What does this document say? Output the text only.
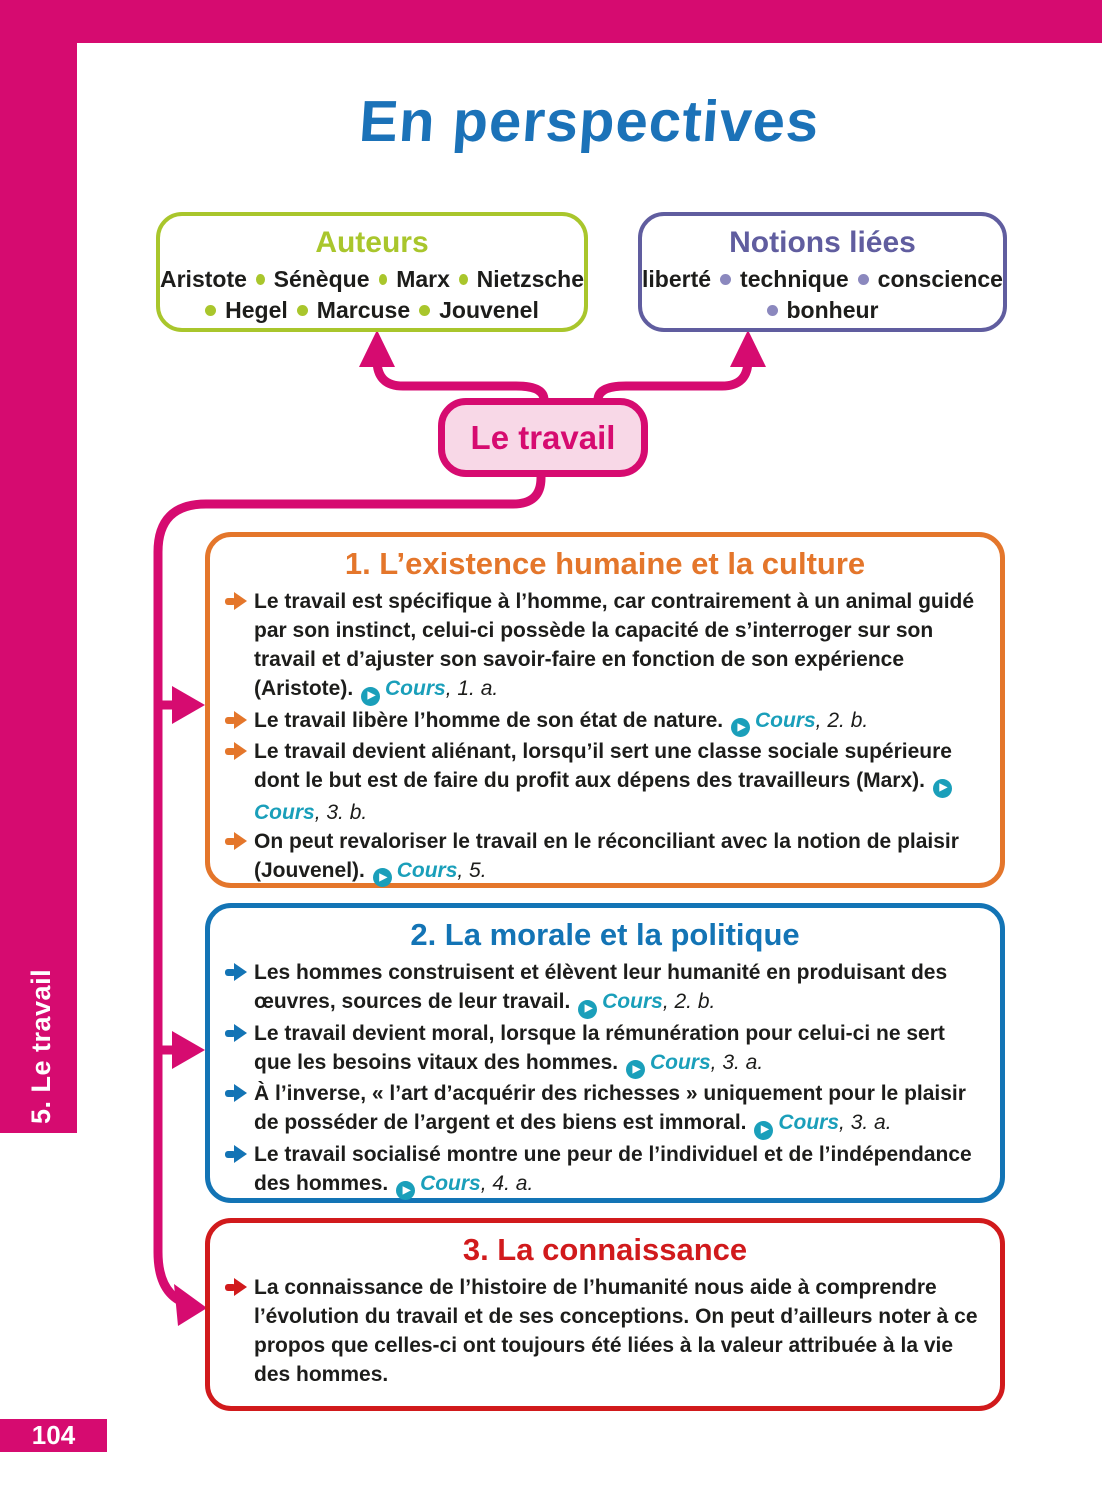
5. Le travail
104
En perspectives
Auteurs
Aristote Sénèque Marx Nietzsche
Hegel Marcuse Jouvenel
Notions liées
liberté technique conscience
bonheur
Le travail
1. L’existence humaine et la culture

Le travail est spécifique à l’homme, car contrairement à un animal guidé par son instinct, celui-ci possède la capacité de s’interroger sur son travail et d’ajuster son savoir-faire en fonction de son expérience (Aristote). ▶Cours, 1. a.

Le travail libère l’homme de son état de nature. ▶Cours, 2. b.

Le travail devient aliénant, lorsqu’il sert une classe sociale supérieure dont le but est de faire du profit aux dépens des travailleurs (Marx). ▶Cours, 3. b.

On peut revaloriser le travail en le réconciliant avec la notion de plaisir (Jouvenel). ▶Cours, 5.

2. La morale et la politique

Les hommes construisent et élèvent leur humanité en produisant des œuvres, sources de leur travail. ▶Cours, 2. b.

Le travail devient moral, lorsque la rémunération pour celui-ci ne sert que les besoins vitaux des hommes. ▶Cours, 3. a.

À l’inverse, « l’art d’acquérir des richesses » uniquement pour le plaisir de posséder de l’argent et des biens est immoral. ▶Cours, 3. a.

Le travail socialisé montre une peur de l’individuel et de l’indépendance des hommes. ▶Cours, 4. a.

3. La connaissance

La connaissance de l’histoire de l’humanité nous aide à comprendre l’évolution du travail et de ses conceptions. On peut d’ailleurs noter à ce propos que celles-ci ont toujours été liées à la valeur attribuée à la vie des hommes.
